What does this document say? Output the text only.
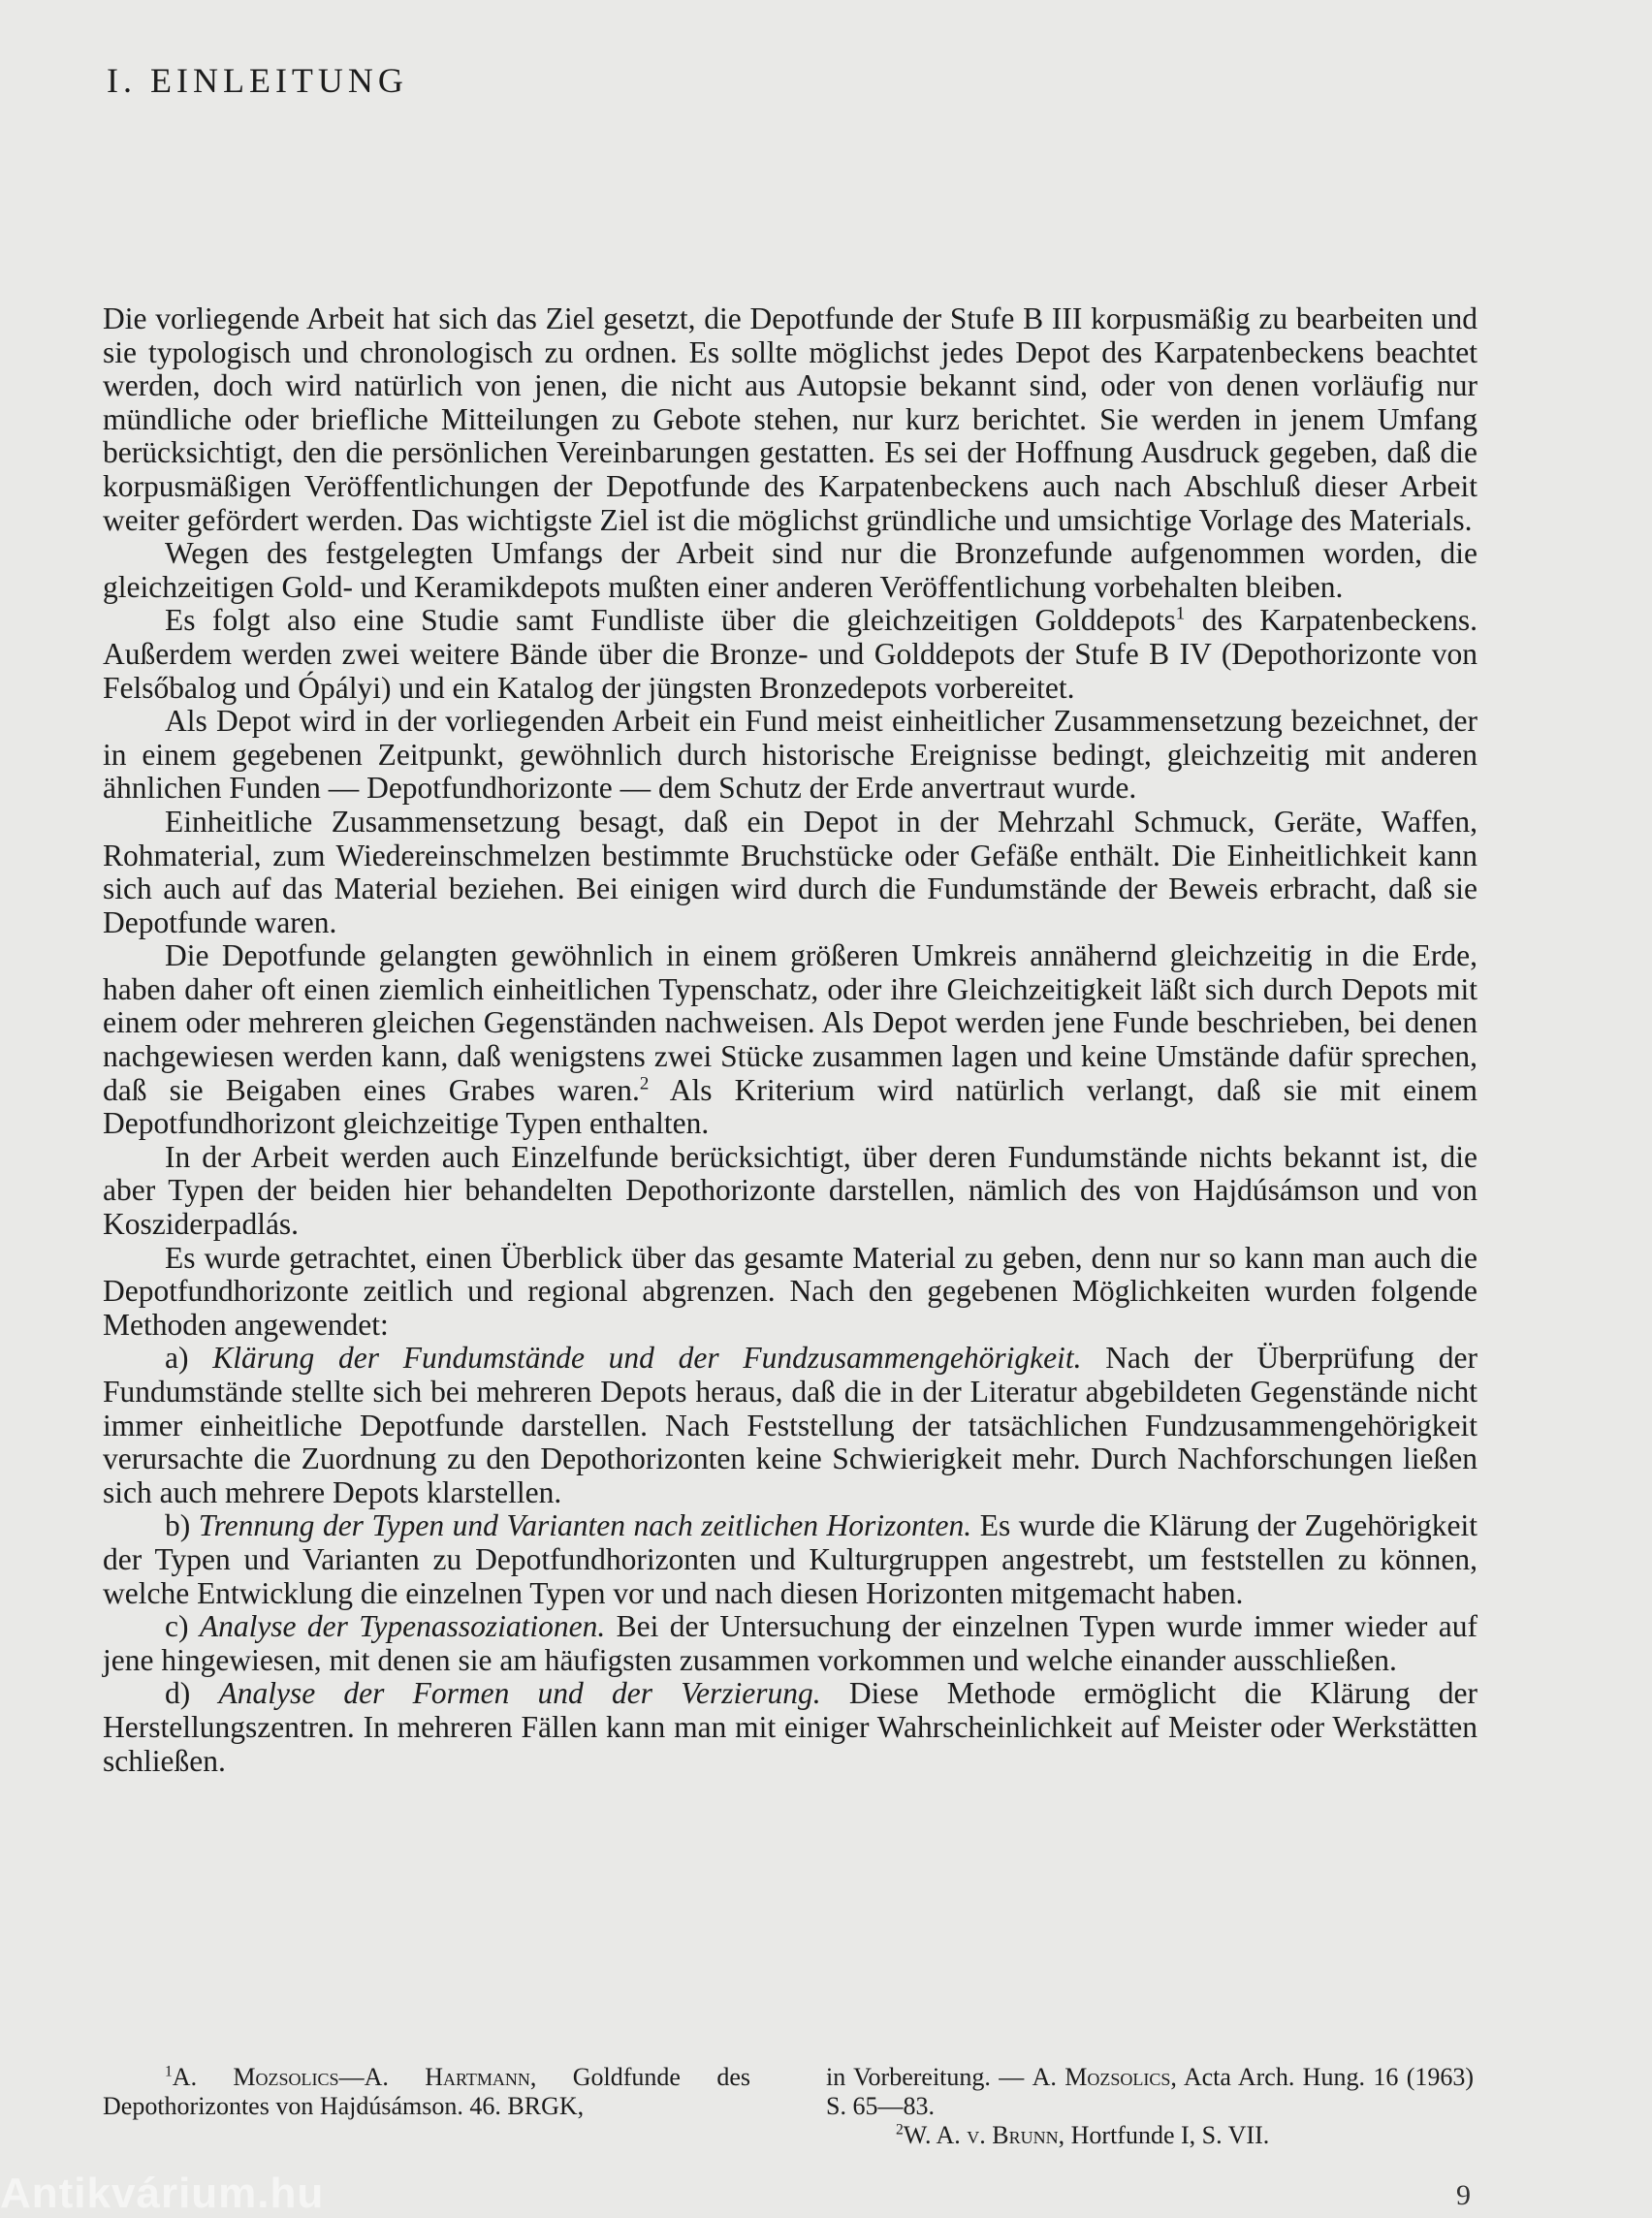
I. EINLEITUNG

Die vorliegende Arbeit hat sich das Ziel gesetzt, die Depotfunde der Stufe B III korpusmäßig zu bearbeiten und sie typologisch und chronologisch zu ordnen. Es sollte möglichst jedes Depot des Karpatenbeckens beachtet werden, doch wird natürlich von jenen, die nicht aus Autopsie bekannt sind, oder von denen vorläufig nur mündliche oder briefliche Mitteilungen zu Gebote stehen, nur kurz berichtet. Sie werden in jenem Umfang berücksichtigt, den die persönlichen Vereinbarungen gestatten. Es sei der Hoffnung Ausdruck gegeben, daß die korpusmäßigen Veröffentlichungen der Depotfunde des Karpatenbeckens auch nach Abschluß dieser Arbeit weiter gefördert werden. Das wichtigste Ziel ist die möglichst gründliche und umsichtige Vorlage des Materials.

Wegen des festgelegten Umfangs der Arbeit sind nur die Bronzefunde aufgenommen worden, die gleichzeitigen Gold- und Keramikdepots mußten einer anderen Veröffentlichung vorbehalten bleiben.

Es folgt also eine Studie samt Fundliste über die gleichzeitigen Golddepots$^1$ des Karpatenbeckens. Außerdem werden zwei weitere Bände über die Bronze- und Golddepots der Stufe B IV (Depothorizonte von Felsőbalog und Ópályi) und ein Katalog der jüngsten Bronzedepots vorbereitet.

Als Depot wird in der vorliegenden Arbeit ein Fund meist einheitlicher Zusammensetzung bezeichnet, der in einem gegebenen Zeitpunkt, gewöhnlich durch historische Ereignisse bedingt, gleichzeitig mit anderen ähnlichen Funden — Depotfundhorizonte — dem Schutz der Erde anvertraut wurde.

Einheitliche Zusammensetzung besagt, daß ein Depot in der Mehrzahl Schmuck, Geräte, Waffen, Rohmaterial, zum Wiedereinschmelzen bestimmte Bruchstücke oder Gefäße enthält. Die Einheitlichkeit kann sich auch auf das Material beziehen. Bei einigen wird durch die Fundumstände der Beweis erbracht, daß sie Depotfunde waren.

Die Depotfunde gelangten gewöhnlich in einem größeren Umkreis annähernd gleichzeitig in die Erde, haben daher oft einen ziemlich einheitlichen Typenschatz, oder ihre Gleichzeitigkeit läßt sich durch Depots mit einem oder mehreren gleichen Gegenständen nachweisen. Als Depot werden jene Funde beschrieben, bei denen nachgewiesen werden kann, daß wenigstens zwei Stücke zusammen lagen und keine Umstände dafür sprechen, daß sie Beigaben eines Grabes waren.$^2$ Als Kriterium wird natürlich verlangt, daß sie mit einem Depotfundhorizont gleichzeitige Typen enthalten.

In der Arbeit werden auch Einzelfunde berücksichtigt, über deren Fundumstände nichts bekannt ist, die aber Typen der beiden hier behandelten Depothorizonte darstellen, nämlich des von Hajdúsámson und von Kosziderpadlás.

Es wurde getrachtet, einen Überblick über das gesamte Material zu geben, denn nur so kann man auch die Depotfundhorizonte zeitlich und regional abgrenzen. Nach den gegebenen Möglichkeiten wurden folgende Methoden angewendet:

a) Klärung der Fundumstände und der Fundzusammengehörigkeit. Nach der Überprüfung der Fundumstände stellte sich bei mehreren Depots heraus, daß die in der Literatur abgebildeten Gegenstände nicht immer einheitliche Depotfunde darstellen. Nach Feststellung der tatsächlichen Fundzusammengehörigkeit verursachte die Zuordnung zu den Depothorizonten keine Schwierigkeit mehr. Durch Nachforschungen ließen sich auch mehrere Depots klarstellen.

b) Trennung der Typen und Varianten nach zeitlichen Horizonten. Es wurde die Klärung der Zugehörigkeit der Typen und Varianten zu Depotfundhorizonten und Kulturgruppen angestrebt, um feststellen zu können, welche Entwicklung die einzelnen Typen vor und nach diesen Horizonten mitgemacht haben.

c) Analyse der Typenassoziationen. Bei der Untersuchung der einzelnen Typen wurde immer wieder auf jene hingewiesen, mit denen sie am häufigsten zusammen vorkommen und welche einander ausschließen.

d) Analyse der Formen und der Verzierung. Diese Methode ermöglicht die Klärung der Herstellungszentren. In mehreren Fällen kann man mit einiger Wahrscheinlichkeit auf Meister oder Werkstätten schließen.

$^1$A. Mozsolics—A. Hartmann, Goldfunde des Depothorizontes von Hajdúsámson. 46. BRGK,

in Vorbereitung. — A. Mozsolics, Acta Arch. Hung. 16 (1963) S. 65—83.

$^2$W. A. v. Brunn, Hortfunde I, S. VII.

Antikvárium.hu	9
